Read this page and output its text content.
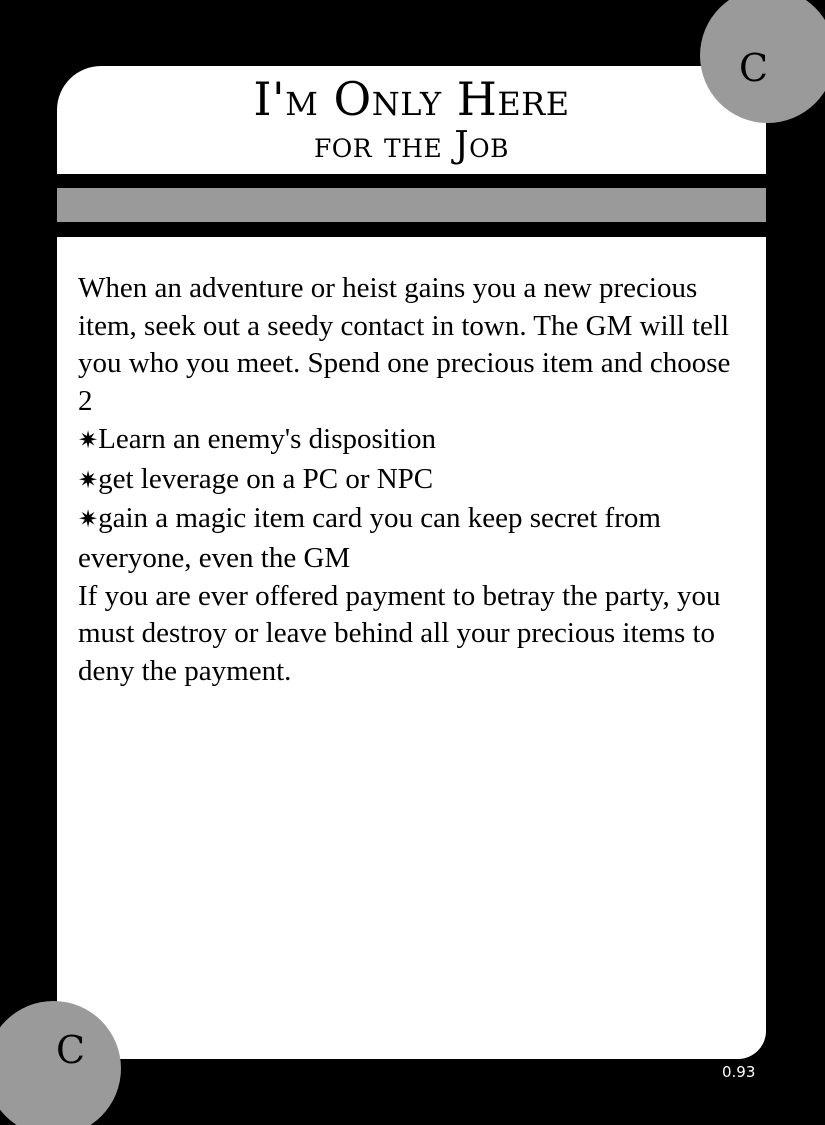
I'm Only Here
for the Job

When an adventure or heist gains you a new precious item, seek out a seedy contact in town. The GM will tell you who you meet. Spend one precious item and choose 2

✷Learn an enemy's disposition

✷get leverage on a PC or NPC

✷gain a magic item card you can keep secret from everyone, even the GM

If you are ever offered payment to betray the party, you must destroy or leave behind all your precious items to deny the payment.

C
C	0.93
